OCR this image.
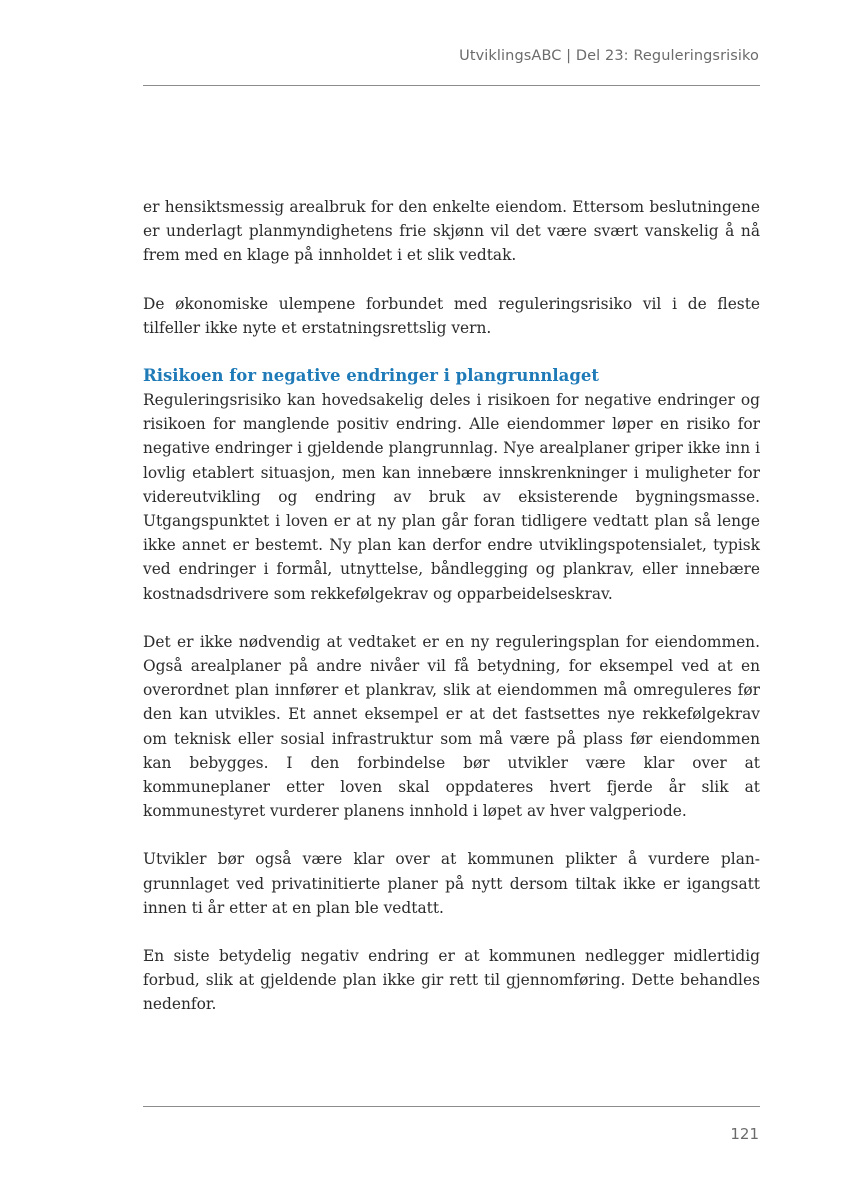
UtviklingsABC | Del 23: Reguleringsrisiko

er hensiktsmessig arealbruk for den enkelte eiendom. Ettersom beslutningene er underlagt planmyndighetens frie skjønn vil det være svært vanskelig å nå frem med en klage på innholdet i et slik vedtak.

De økonomiske ulempene forbundet med reguleringsrisiko vil i de fleste tilfeller ikke nyte et erstatningsrettslig vern.

Risikoen for negative endringer i plangrunnlaget

Reguleringsrisiko kan hovedsakelig deles i risikoen for negative endringer og risikoen for manglende positiv endring. Alle eiendommer løper en risiko for negative endringer i gjeldende plangrunnlag. Nye arealplaner griper ikke inn i lovlig etablert situasjon, men kan innebære innskrenkninger i muligheter for videreutvikling og endring av bruk av eksisterende bygningsmasse. Utgangspunktet i loven er at ny plan går foran tidligere vedtatt plan så lenge ikke annet er bestemt. Ny plan kan derfor endre utviklingspotensialet, typisk ved endringer i formål, utnyttelse, båndlegging og plankrav, eller innebære kostnadsdrivere som rekkefølgekrav og opparbeidelseskrav.

Det er ikke nødvendig at vedtaket er en ny reguleringsplan for eiendommen. Også arealplaner på andre nivåer vil få betydning, for eksempel ved at en overordnet plan innfører et plankrav, slik at eiendommen må omreguleres før den kan utvikles. Et annet eksempel er at det fastsettes nye rekkefølgekrav om teknisk eller sosial infrastruktur som må være på plass før eiendommen kan bebygges. I den forbindelse bør utvikler være klar over at kommuneplaner etter loven skal oppdateres hvert fjerde år slik at kommunestyret vurderer planens innhold i løpet av hver valgperiode.

Utvikler bør også være klar over at kommunen plikter å vurdere plangrunnlaget ved privatinitierte planer på nytt dersom tiltak ikke er igangsatt innen ti år etter at en plan ble vedtatt.

En siste betydelig negativ endring er at kommunen nedlegger midlertidig forbud, slik at gjeldende plan ikke gir rett til gjennomføring. Dette behandles nedenfor.

121
